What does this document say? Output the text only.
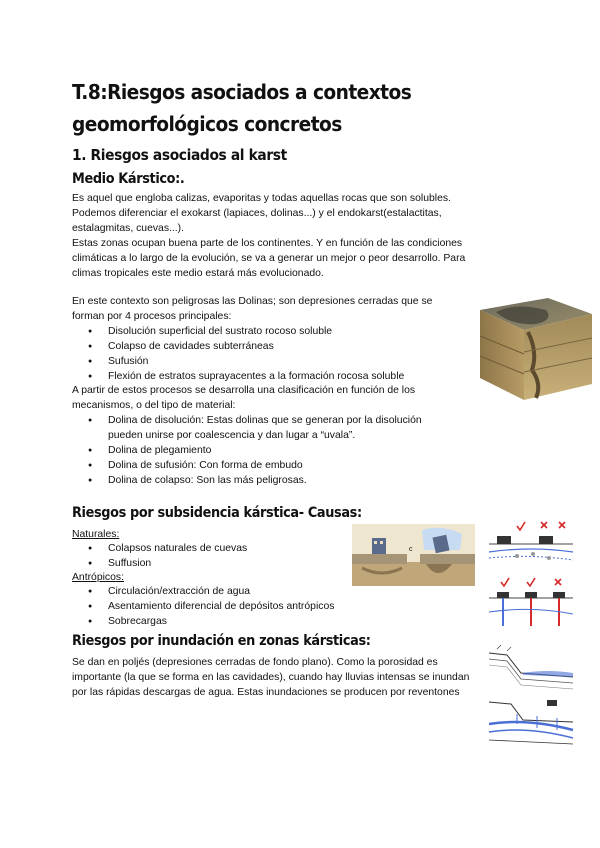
T.8:Riesgos asociados a contextos geomorfológicos concretos
1. Riesgos asociados al karst
Medio Kárstico:.
Es aquel que engloba calizas, evaporitas y todas aquellas rocas que son solubles. Podemos diferenciar el exokarst (lapiaces, dolinas...) y el endokarst(estalactitas, estalagmitas, cuevas...).
Estas zonas ocupan buena parte de los continentes. Y en función de las condiciones climáticas a lo largo de la evolución, se va a generar un mejor o peor desarrollo. Para climas tropicales este medio estará más evolucionado.
En este contexto son peligrosas las Dolinas; son depresiones cerradas que se forman por 4 procesos principales:
● Disolución superficial del sustrato rocoso soluble
● Colapso de cavidades subterráneas
● Sufusión
● Flexión de estratos suprayacentes a la formación rocosa soluble
A partir de estos procesos se desarrolla una clasificación en función de los mecanismos, o del tipo de material:
● Dolina de disolución: Estas dolinas que se generan por la disolución pueden unirse por coalescencia y dan lugar a “uvala”.
● Dolina de plegamiento
● Dolina de sufusión: Con forma de embudo
● Dolina de colapso: Son las más peligrosas.
Riesgos por subsidencia kárstica- Causas:
Naturales:
● Colapsos naturales de cuevas
● Suffusion
Antrópicos:
● Circulación/extracción de agua
● Asentamiento diferencial de depósitos antrópicos
● Sobrecargas
c
Riesgos por inundación en zonas kársticas:
Se dan en poljés (depresiones cerradas de fondo plano). Como la porosidad es importante (la que se forma en las cavidades), cuando hay lluvias intensas se inundan por las rápidas descargas de agua. Estas inundaciones se producen por reventones
